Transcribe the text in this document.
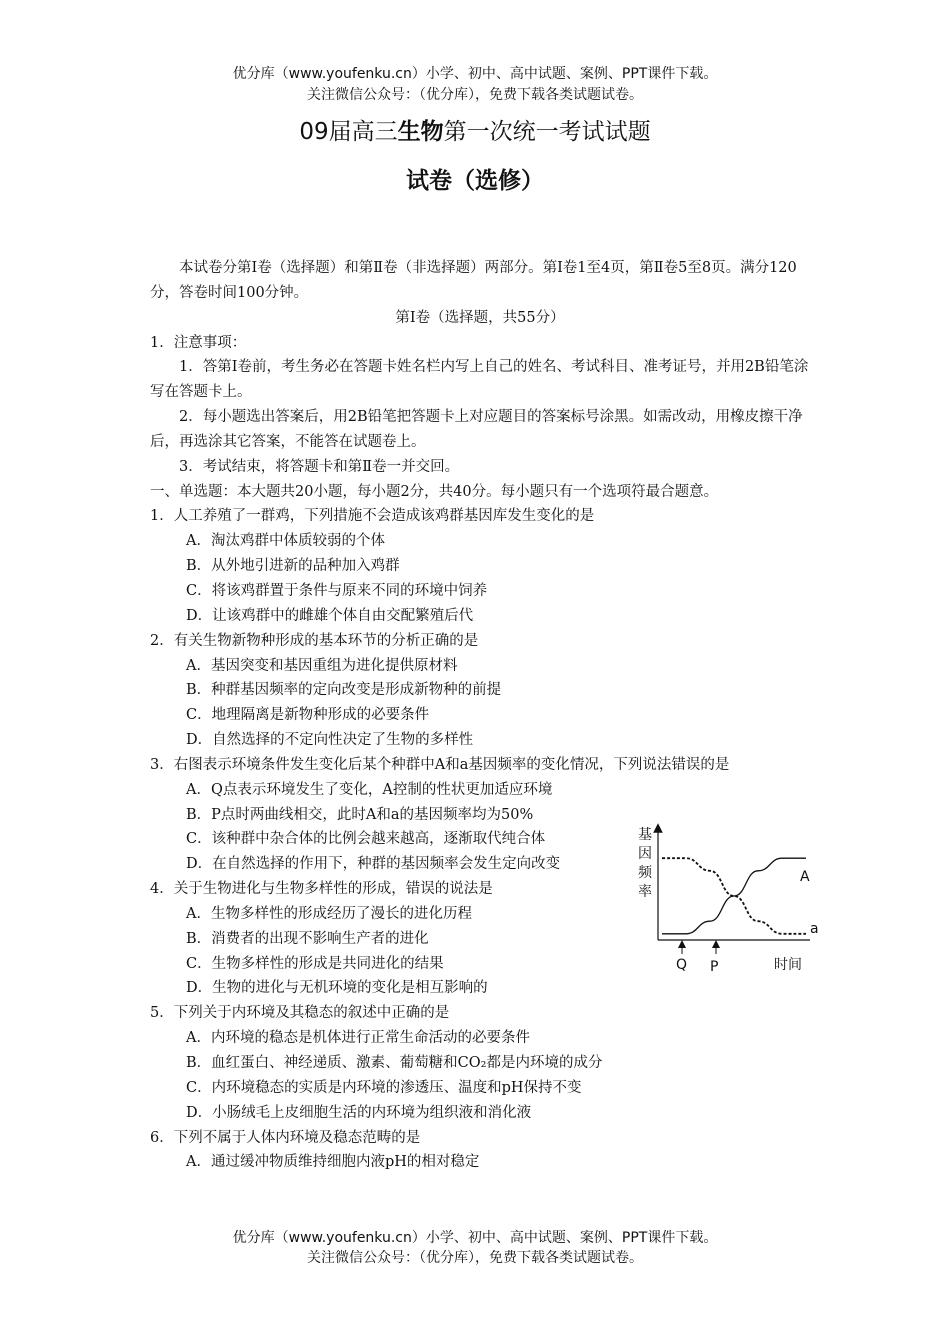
优分库（www.youfenku.cn）小学、初中、高中试题、案例、PPT课件下载。
关注微信公众号：（优分库），免费下载各类试题试卷。
09届高三生物第一次统一考试试题
试卷（选修）

本试卷分第Ⅰ卷（选择题）和第Ⅱ卷（非选择题）两部分。第Ⅰ卷1至4页，第Ⅱ卷5至8页。满分120分，答卷时间100分钟。

第Ⅰ卷（选择题，共55分）

1．注意事项：

1．答第Ⅰ卷前，考生务必在答题卡姓名栏内写上自己的姓名、考试科目、准考证号，并用2B铅笔涂写在答题卡上。

2．每小题选出答案后，用2B铅笔把答题卡上对应题目的答案标号涂黑。如需改动，用橡皮擦干净后，再选涂其它答案，不能答在试题卷上。

3．考试结束，将答题卡和第Ⅱ卷一并交回。

一、单选题：本大题共20小题，每小题2分，共40分。每小题只有一个选项符最合题意。

1．人工养殖了一群鸡，下列措施不会造成该鸡群基因库发生变化的是

A．淘汰鸡群中体质较弱的个体

B．从外地引进新的品种加入鸡群

C．将该鸡群置于条件与原来不同的环境中饲养

D．让该鸡群中的雌雄个体自由交配繁殖后代

2．有关生物新物种形成的基本环节的分析正确的是

A．基因突变和基因重组为进化提供原材料

B．种群基因频率的定向改变是形成新物种的前提

C．地理隔离是新物种形成的必要条件

D．自然选择的不定向性决定了生物的多样性

3．右图表示环境条件发生变化后某个种群中A和a基因频率的变化情况，下列说法错误的是

A．Q点表示环境发生了变化，A控制的性状更加适应环境

B．P点时两曲线相交，此时A和a的基因频率均为50%

C．该种群中杂合体的比例会越来越高，逐渐取代纯合体

D．在自然选择的作用下，种群的基因频率会发生定向改变

4．关于生物进化与生物多样性的形成，错误的说法是

A．生物多样性的形成经历了漫长的进化历程

B．消费者的出现不影响生产者的进化

C．生物多样性的形成是共同进化的结果

D．生物的进化与无机环境的变化是相互影响的

5．下列关于内环境及其稳态的叙述中正确的是

A．内环境的稳态是机体进行正常生命活动的必要条件

B．血红蛋白、神经递质、激素、葡萄糖和CO₂都是内环境的成分

C．内环境稳态的实质是内环境的渗透压、温度和pH保持不变

D．小肠绒毛上皮细胞生活的内环境为组织液和消化液

6．下列不属于人体内环境及稳态范畴的是

A．通过缓冲物质维持细胞内液pH的相对稳定

基
因
频
率
A
a
Q P	时间
优分库（www.youfenku.cn）小学、初中、高中试题、案例、PPT课件下载。
关注微信公众号：（优分库），免费下载各类试题试卷。
